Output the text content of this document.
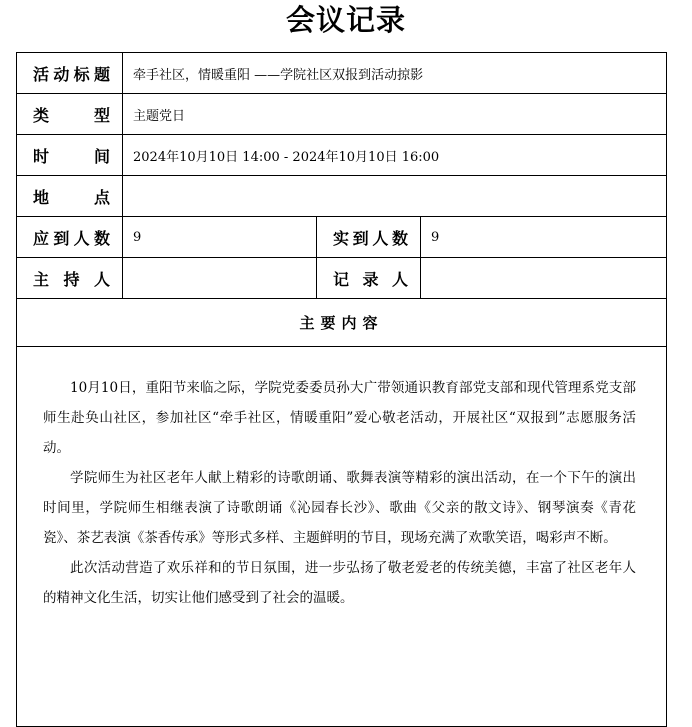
会议记录
活动标题	牵手社区，情暖重阳 ——学院社区双报到活动掠影		

类 型	主题党日		

时 间	2024年10月10日 14:00 - 2024年10月10日 16:00		

地 点			

应到人数	9	实到人数	9

主 持 人		记 录 人	

主要内容			

10月10日，重阳节来临之际，学院党委委员孙大广带领通识教育部党支部和现代管理系党支部师生赴奂山社区，参加社区“牵手社区，情暖重阳”爱心敬老活动，开展社区“双报到”志愿服务活动。

学院师生为社区老年人献上精彩的诗歌朗诵、歌舞表演等精彩的演出活动，在一个下午的演出时间里，学院师生相继表演了诗歌朗诵《沁园春长沙》、歌曲《父亲的散文诗》、钢琴演奏《青花瓷》、茶艺表演《茶香传承》等形式多样、主题鲜明的节目，现场充满了欢歌笑语，喝彩声不断。

此次活动营造了欢乐祥和的节日氛围，进一步弘扬了敬老爱老的传统美德，丰富了社区老年人的精神文化生活，切实让他们感受到了社会的温暖。			
